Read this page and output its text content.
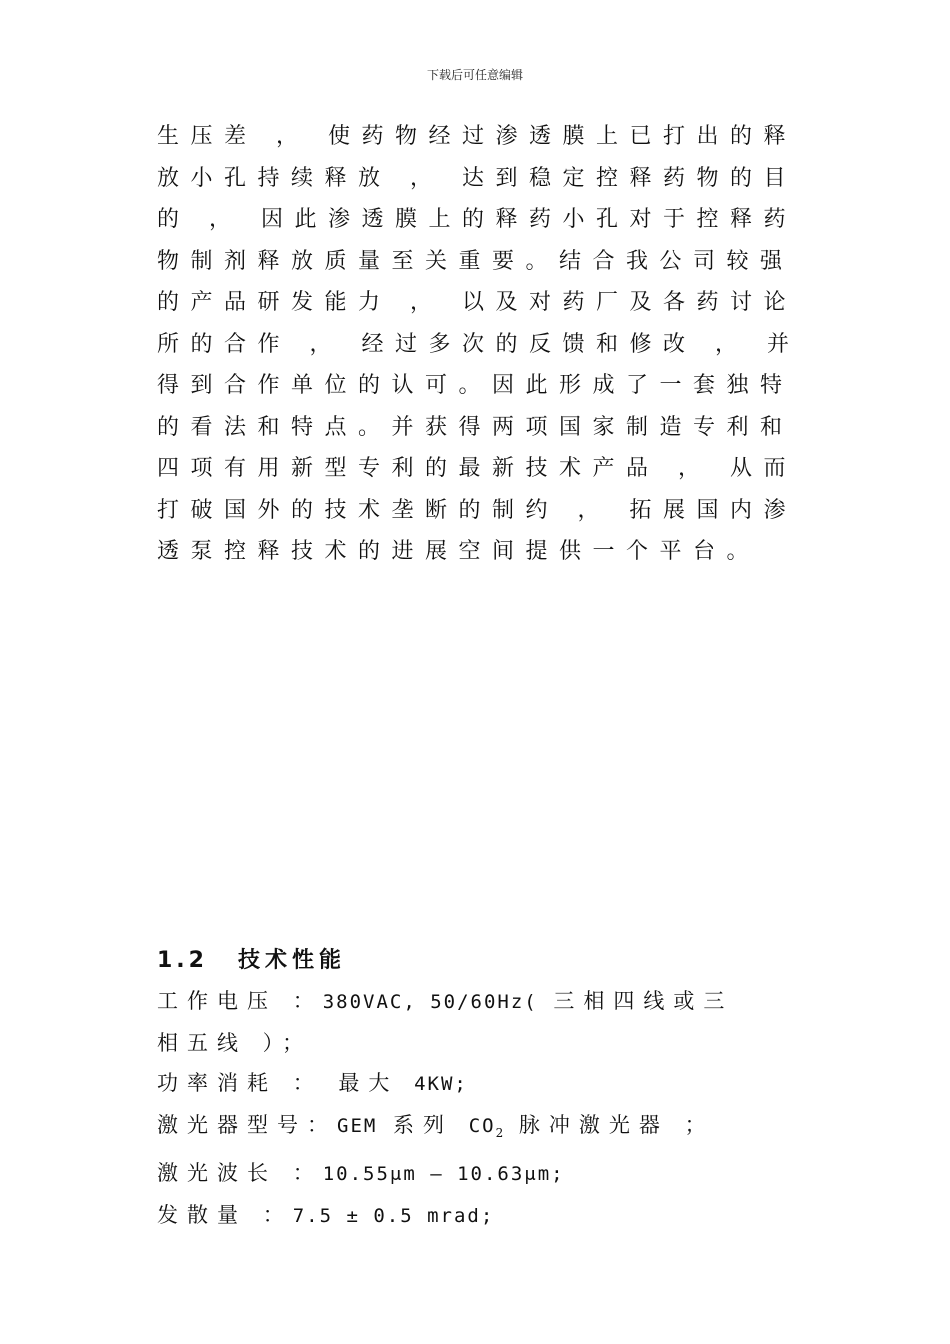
下载后可任意编辑
生压差 ， 使药物经过渗透膜上已打出的释
放小孔持续释放 ， 达到稳定控释药物的目
的 ， 因此渗透膜上的释药小孔对于控释药
物制剂释放质量至关重要。结合我公司较强
的产品研发能力 ， 以及对药厂及各药讨论
所的合作 ， 经过多次的反馈和修改 ， 并
得到合作单位的认可。因此形成了一套独特
的看法和特点。并获得两项国家制造专利和
四项有用新型专利的最新技术产品 ， 从而
打破国外的技术垄断的制约 ， 拓展国内渗
透泵控释技术的进展空间提供一个平台。
1.2 技术性能
工作电压 ：380VAC, 50/60Hz( 三相四线或三
相五线 ）；
功率消耗 ： 最大 4KW;
激光器型号：GEM 系列 $CO_2$ 脉冲激光器 ；
激光波长 ：10.55μm – 10.63μm;
发散量 ：7.5 ± 0.5 mrad;
